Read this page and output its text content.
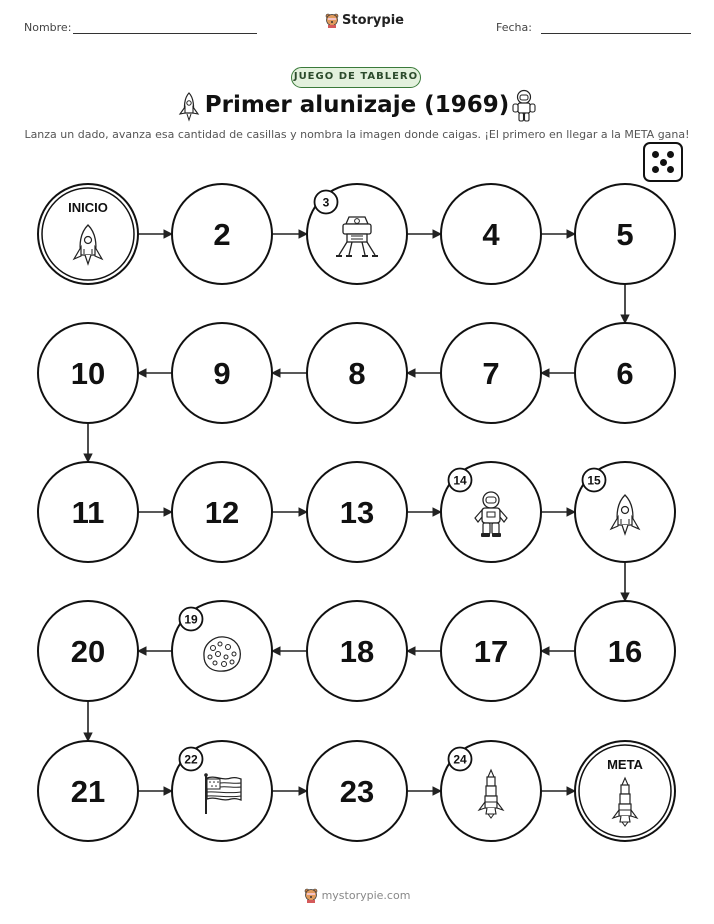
Nombre:	Storypie	Fecha:
JUEGO DE TABLERO
Primer alunizaje (1969)
Lanza un dado, avanza esa cantidad de casillas y nombra la imagen donde caigas. ¡El primero en llegar a la META gana!
INICIO
2
3
4	5
6
7
8
9
10
11	12	13
14	15
16
17
18
19
20
21
22
23
24	META
mystorypie.com
